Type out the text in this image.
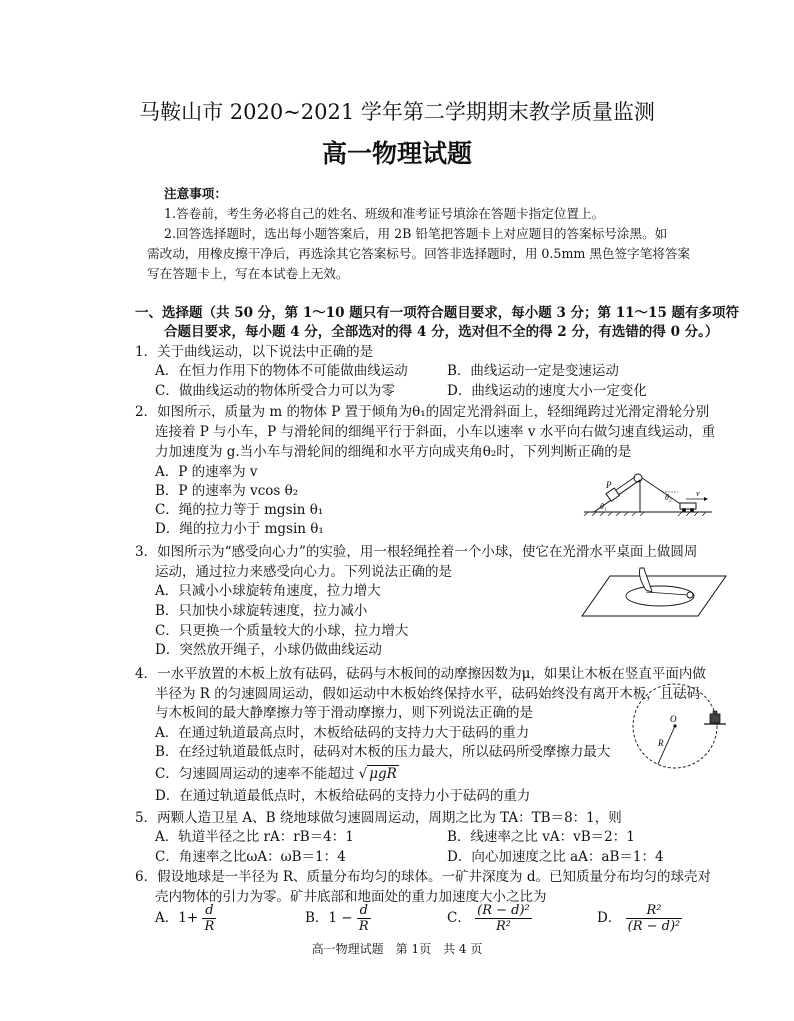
马鞍山市 2020~2021 学年第二学期期末教学质量监测
高一物理试题
注意事项：
1.答卷前，考生务必将自己的姓名、班级和准考证号填涂在答题卡指定位置上。
2.回答选择题时，选出每小题答案后，用 2B 铅笔把答题卡上对应题目的答案标号涂黑。如
需改动，用橡皮擦干净后，再选涂其它答案标号。回答非选择题时，用 0.5mm 黑色签字笔将答案
写在答题卡上，写在本试卷上无效。
一、选择题（共 50 分，第 1～10 题只有一项符合题目要求，每小题 3 分；第 11～15 题有多项符
合题目要求，每小题 4 分，全部选对的得 4 分，选对但不全的得 2 分，有选错的得 0 分。）
1．关于曲线运动，以下说法中正确的是
A．在恒力作用下的物体不可能做曲线运动	B．曲线运动一定是变速运动
C．做曲线运动的物体所受合力可以为零	D．曲线运动的速度大小一定变化
2．如图所示，质量为 m 的物体 P 置于倾角为θ₁的固定光滑斜面上，轻细绳跨过光滑定滑轮分别
连接着 P 与小车，P 与滑轮间的细绳平行于斜面，小车以速率 v 水平向右做匀速直线运动，重
力加速度为 g.当小车与滑轮间的细绳和水平方向成夹角θ₂时，下列判断正确的是
A．P 的速率为 v
B．P 的速率为 vcos θ₂
C．绳的拉力等于 mgsin θ₁
D．绳的拉力小于 mgsin θ₁
P
θ₁
θ₂	v
3．如图所示为“感受向心力”的实验，用一根轻绳拴着一个小球，使它在光滑水平桌面上做圆周
运动，通过拉力来感受向心力。下列说法正确的是
A．只减小小球旋转角速度，拉力增大
B．只加快小球旋转速度，拉力减小
C．只更换一个质量较大的小球，拉力增大
D．突然放开绳子，小球仍做曲线运动
4．一水平放置的木板上放有砝码，砝码与木板间的动摩擦因数为μ，如果让木板在竖直平面内做
半径为 R 的匀速圆周运动，假如运动中木板始终保持水平，砝码始终没有离开木板，且砝码
与木板间的最大静摩擦力等于滑动摩擦力，则下列说法正确的是
A．在通过轨道最高点时，木板给砝码的支持力大于砝码的重力
B．在经过轨道最低点时，砝码对木板的压力最大，所以砝码所受摩擦力最大
C．匀速圆周运动的速率不能超过 √ μgR
D．在通过轨道最低点时，木板给砝码的支持力小于砝码的重力
O
R
5．两颗人造卫星 A、B 绕地球做匀速圆周运动，周期之比为 TA：TB＝8：1，则
A．轨道半径之比 rA：rB＝4：1	B．线速率之比 vA：vB＝2：1
C．角速率之比ωA：ωB＝1：4	D．向心加速度之比 aA：aB＝1：4
6．假设地球是一半径为 R、质量分布均匀的球体。一矿井深度为 d。已知质量分布均匀的球壳对
壳内物体的引力为零。矿井底部和地面处的重力加速度大小之比为
A．$1+ \frac{d}{R}$	B．$1 - \frac{d}{R}$	C． $\frac{\text{(R − d)²}}{\text{R²}}$	D． $\frac{\text{R²}}{\text{(R − d)²}}$
高一物理试题　第 1页　共 4 页
